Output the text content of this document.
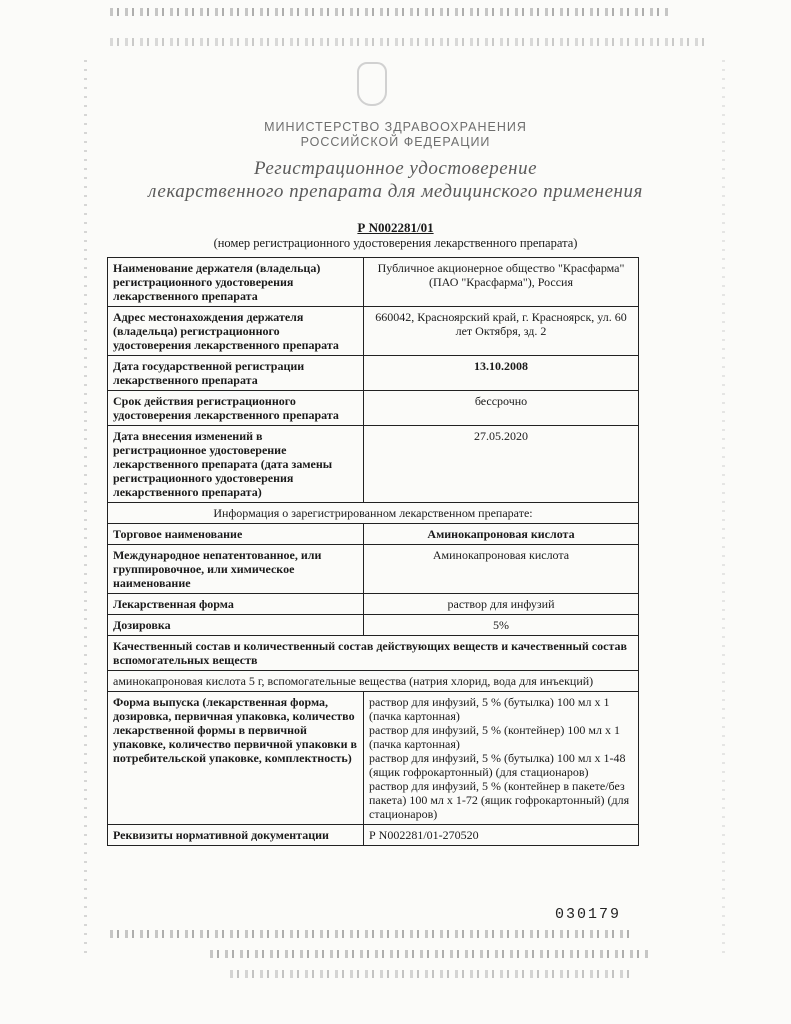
МИНИСТЕРСТВО ЗДРАВООХРАНЕНИЯ
РОССИЙСКОЙ ФЕДЕРАЦИИ
Регистрационное удостоверение
лекарственного препарата для медицинского применения
Р N002281/01
(номер регистрационного удостоверения лекарственного препарата)
Наименование держателя (владельца) регистрационного удостоверения лекарственного препарата	Публичное акционерное общество "Красфарма" (ПАО "Красфарма"), Россия
Адрес местонахождения держателя (владельца) регистрационного удостоверения лекарственного препарата	660042, Красноярский край, г. Красноярск, ул. 60 лет Октября, зд. 2
Дата государственной регистрации лекарственного препарата	13.10.2008
Срок действия регистрационного удостоверения лекарственного препарата	бессрочно
Дата внесения изменений в регистрационное удостоверение лекарственного препарата (дата замены регистрационного удостоверения лекарственного препарата)	27.05.2020
Информация о зарегистрированном лекарственном препарате:	
Торговое наименование	Аминокапроновая кислота
Международное непатентованное, или группировочное, или химическое наименование	Аминокапроновая кислота
Лекарственная форма	раствор для инфузий
Дозировка	5%
Качественный состав и количественный состав действующих веществ и качественный состав вспомогательных веществ	
аминокапроновая кислота 5 г, вспомогательные вещества (натрия хлорид, вода для инъекций)	
Форма выпуска (лекарственная форма, дозировка, первичная упаковка, количество лекарственной формы в первичной упаковке, количество первичной упаковки в потребительской упаковке, комплектность)	раствор для инфузий, 5 % (бутылка) 100 мл х 1 (пачка картонная)
раствор для инфузий, 5 % (контейнер) 100 мл х 1 (пачка картонная)
раствор для инфузий, 5 % (бутылка) 100 мл х 1-48 (ящик гофрокартонный) (для стационаров)
раствор для инфузий, 5 % (контейнер в пакете/без пакета) 100 мл х 1-72 (ящик гофрокартонный) (для стационаров)

Реквизиты нормативной документации	Р N002281/01-270520
030179
